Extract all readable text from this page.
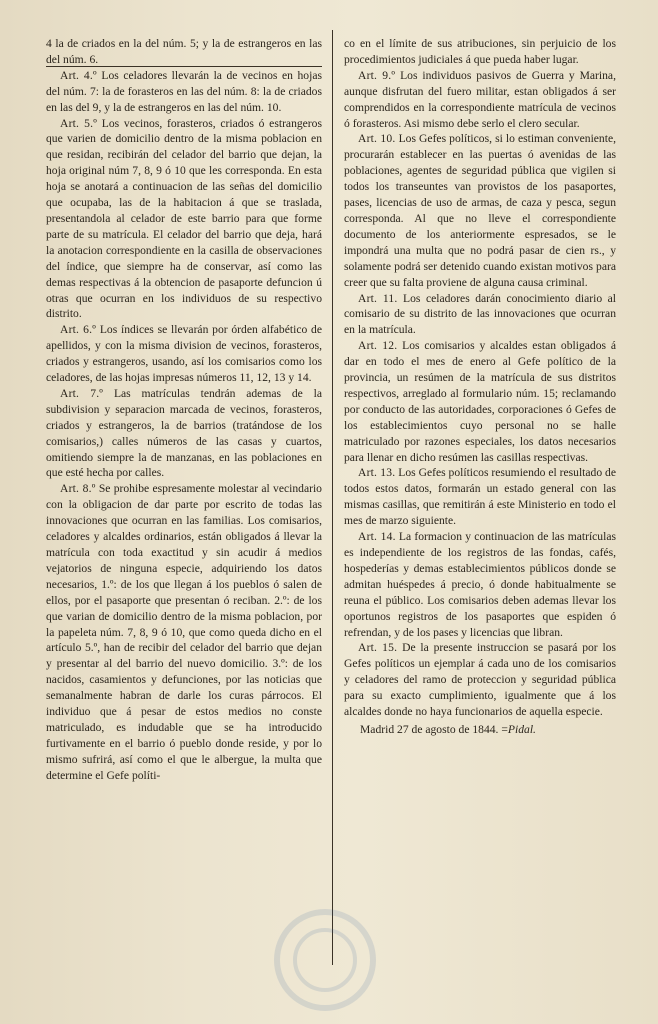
4 la de criados en la del núm. 5; y la de estrangeros en las del núm. 6.

Art. 4.º Los celadores llevarán la de vecinos en hojas del núm. 7: la de forasteros en las del núm. 8: la de criados en las del 9, y la de estrangeros en las del núm. 10.

Art. 5.º Los vecinos, forasteros, criados ó estrangeros que varien de domicilio dentro de la misma poblacion en que residan, recibirán del celador del barrio que dejan, la hoja original núm 7, 8, 9 ó 10 que les corresponda. En esta hoja se anotará a continuacion de las señas del domicilio que ocupaba, las de la habitacion á que se traslada, presentandola al celador de este barrio para que forme parte de su matrícula. El celador del barrio que deja, hará la anotacion correspondiente en la casilla de observaciones del índice, que siempre ha de conservar, así como las demas respectivas á la obtencion de pasaporte defuncion ú otras que ocurran en los individuos de su respectivo distrito.

Art. 6.º Los índices se llevarán por órden alfabético de apellidos, y con la misma division de vecinos, forasteros, criados y estrangeros, usando, así los comisarios como los celadores, de las hojas impresas números 11, 12, 13 y 14.

Art. 7.º Las matrículas tendrán ademas de la subdivision y separacion marcada de vecinos, forasteros, criados y estrangeros, la de barrios (tratándose de los comisarios,) calles números de las casas y cuartos, omitiendo siempre la de manzanas, en las poblaciones en que esté hecha por calles.

Art. 8.º Se prohibe espresamente molestar al vecindario con la obligacion de dar parte por escrito de todas las innovaciones que ocurran en las familias. Los comisarios, celadores y alcaldes ordinarios, están obligados á llevar la matrícula con toda exactitud y sin acudir á medios vejatorios de ninguna especie, adquiriendo los datos necesarios, 1.º: de los que llegan á los pueblos ó salen de ellos, por el pasaporte que presentan ó reciban. 2.º: de los que varian de domicilio dentro de la misma poblacion, por la papeleta núm. 7, 8, 9 ó 10, que como queda dicho en el artículo 5.º, han de recibir del celador del barrio que dejan y presentar al del barrio del nuevo domicilio. 3.º: de los nacidos, casamientos y defunciones, por las noticias que semanalmente habran de darle los curas párrocos. El individuo que á pesar de estos medios no conste matriculado, es indudable que se ha introducido furtivamente en el barrio ó pueblo donde reside, y por lo mismo sufrirá, así como el que le albergue, la multa que determine el Gefe políti-

co en el límite de sus atribuciones, sin perjuicio de los procedimientos judiciales á que pueda haber lugar.

Art. 9.º Los individuos pasivos de Guerra y Marina, aunque disfrutan del fuero militar, estan obligados á ser comprendidos en la correspondiente matrícula de vecinos ó forasteros. Asi mismo debe serlo el clero secular.

Art. 10. Los Gefes políticos, si lo estiman conveniente, procurarán establecer en las puertas ó avenidas de las poblaciones, agentes de seguridad pública que vigilen si todos los transeuntes van provistos de los pasaportes, pases, licencias de uso de armas, de caza y pesca, segun corresponda. Al que no lleve el correspondiente documento de los anteriormente espresados, se le impondrá una multa que no podrá pasar de cien rs., y solamente podrá ser detenido cuando existan motivos para creer que su falta proviene de alguna causa criminal.

Art. 11. Los celadores darán conocimiento diario al comisario de su distrito de las innovaciones que ocurran en la matrícula.

Art. 12. Los comisarios y alcaldes estan obligados á dar en todo el mes de enero al Gefe político de la provincia, un resúmen de la matrícula de sus distritos respectivos, arreglado al formulario núm. 15; reclamando por conducto de las autoridades, corporaciones ó Gefes de los establecimientos cuyo personal no se halle matriculado por razones especiales, los datos necesarios para llenar en dicho resúmen las casillas respectivas.

Art. 13. Los Gefes políticos resumiendo el resultado de todos estos datos, formarán un estado general con las mismas casillas, que remitirán á este Ministerio en todo el mes de marzo siguiente.

Art. 14. La formacion y continuacion de las matrículas es independiente de los registros de las fondas, cafés, hospederías y demas establecimientos públicos donde se admitan huéspedes á precio, ó donde habitualmente se reuna el público. Los comisarios deben ademas llevar los oportunos registros de los pasaportes que espiden ó refrendan, y de los pases y licencias que libran.

Art. 15. De la presente instruccion se pasará por los Gefes políticos un ejemplar á cada uno de los comisarios y celadores del ramo de proteccion y seguridad pública para su exacto cumplimiento, igualmente que á los alcaldes donde no haya funcionarios de aquella especie.

Madrid 27 de agosto de 1844. =Pidal.
